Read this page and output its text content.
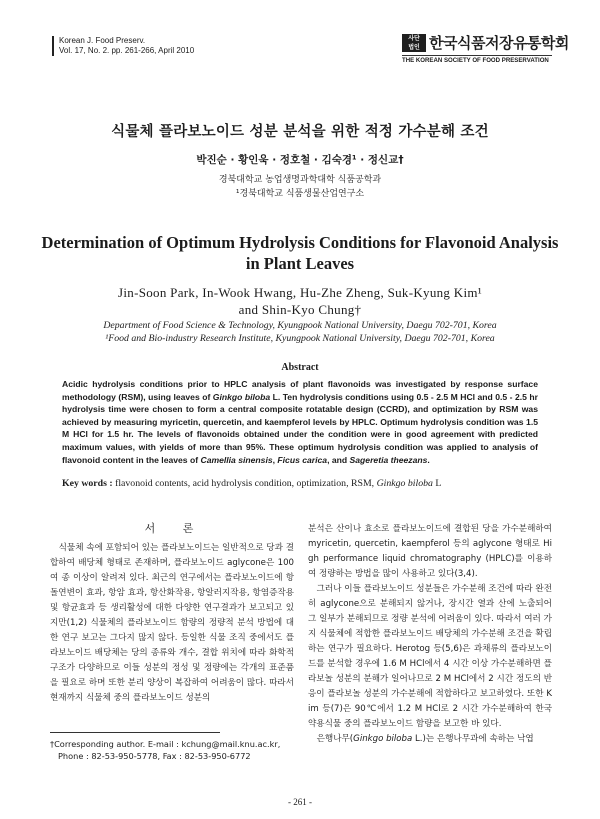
Korean J. Food Preserv.
Vol. 17, No. 2. pp. 261-266, April 2010
사단
법인 한국식품저장유통학회
THE KOREAN SOCIETY OF FOOD PRESERVATION
식물체 플라보노이드 성분 분석을 위한 적정 가수분해 조건
박진순 · 황인욱 · 정호철 · 김숙경¹ · 정신교†
경북대학교 농업생명과학대학 식품공학과
¹경북대학교 식품생물산업연구소
Determination of Optimum Hydrolysis Conditions for Flavonoid Analysis in Plant Leaves
Jin-Soon Park, In-Wook Hwang, Hu-Zhe Zheng, Suk-Kyung Kim¹
and Shin-Kyo Chung†
Department of Food Science & Technology, Kyungpook National University, Daegu 702-701, Korea
¹Food and Bio-industry Research Institute, Kyungpook National University, Daegu 702-701, Korea
Abstract
Acidic hydrolysis conditions prior to HPLC analysis of plant flavonoids was investigated by response surface methodology (RSM), using leaves of Ginkgo biloba L. Ten hydrolysis conditions using 0.5 - 2.5 M HCl and 0.5 - 2.5 hr hydrolysis time were chosen to form a central composite rotatable design (CCRD), and optimization by RSM was achieved by measuring myricetin, quercetin, and kaempferol levels by HPLC. Optimum hydrolysis condition was 1.5 M HCl for 1.5 hr. The levels of flavonoids obtained under the condition were in good agreement with predicted maximum values, with yields of more than 95%. These optimum hydrolysis condition was applied to analysis of flavonoid content in the leaves of Camellia sinensis, Ficus carica, and Sageretia theezans.
Key words : flavonoid contents, acid hydrolysis condition, optimization, RSM, Ginkgo biloba L
서 론

식물체 속에 포함되어 있는 플라보노이드는 일반적으로 당과 결합하여 배당체 형태로 존재하며, 플라보노이드 aglycone은 100여 종 이상이 알려져 있다. 최근의 연구에서는 플라보노이드에 항돌연변이 효과, 항암 효과, 항산화작용, 항알러지작용, 항염증작용 및 항균효과 등 생리활성에 대한 다양한 연구결과가 보고되고 있지만(1,2) 식물체의 플라보노이드 함량의 정량적 분석 방법에 대한 연구 보고는 그다지 많지 않다. 등일한 식물 조직 중에서도 플라보노이드 배당체는 당의 종류와 개수, 결합 위치에 따라 화학적 구조가 다양하므로 이들 성분의 정성 및 정량에는 각개의 표준품을 필요로 하며 또한 분리 양상이 복잡하여 어려움이 많다. 따라서 현재까지 식물체 중의 플라보노이드 성분의

분석은 산이나 효소로 플라보노이드에 결합된 당을 가수분해하여 myricetin, quercetin, kaempferol 등의 aglycone 형태로 High performance liquid chromatography (HPLC)를 이용하여 정량하는 방법을 많이 사용하고 있다(3,4).

그러나 이들 플라보노이드 성분들은 가수분해 조건에 따라 완전히 aglycone으로 분해되지 않거나, 장시간 열과 산에 노출되어 그 일부가 분해되므로 정량 분석에 어려움이 있다. 따라서 여러 가지 식물체에 적합한 플라보노이드 배당체의 가수분해 조건을 확립하는 연구가 필요하다. Herotog 등(5,6)은 과채류의 플라보노이드를 분석할 경우에 1.6 M HCl에서 4 시간 이상 가수분해하면 플라보놀 성분의 분해가 일어나므로 2 M HCl에서 2 시간 정도의 반응이 플라보놀 성분의 가수분해에 적합하다고 보고하였다. 또한 Kim 등(7)은 90℃에서 1.2 M HCl로 2 시간 가수분해하여 한국 약용식물 중의 플라보노이드 함량을 보고한 바 있다.

은행나무(Ginkgo biloba L.)는 은행나무과에 속하는 낙엽

†Corresponding author. E-mail : kchung@mail.knu.ac.kr,
Phone : 82-53-950-5778, Fax : 82-53-950-6772
- 261 -
